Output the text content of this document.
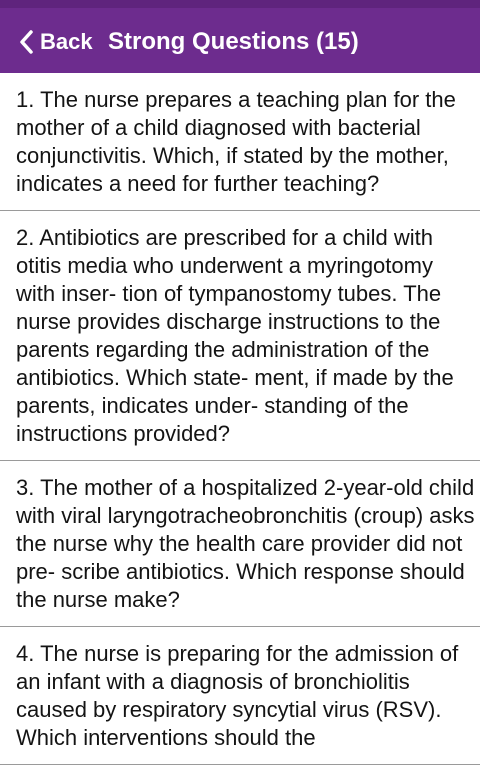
Back Strong Questions (15)
1. The nurse prepares a teaching plan for the mother of a child diagnosed with bacterial conjunctivitis. Which, if stated by the mother, indicates a need for further teaching?
2. Antibiotics are prescribed for a child with otitis media who underwent a myringotomy with inser- tion of tympanostomy tubes. The nurse provides discharge instructions to the parents regarding the administration of the antibiotics. Which state- ment, if made by the parents, indicates under- standing of the instructions provided?
3. The mother of a hospitalized 2-year-old child with viral laryngotracheobronchitis (croup) asks the nurse why the health care provider did not pre- scribe antibiotics. Which response should the nurse make?
4. The nurse is preparing for the admission of an infant with a diagnosis of bronchiolitis caused by respiratory syncytial virus (RSV). Which interventions should the
